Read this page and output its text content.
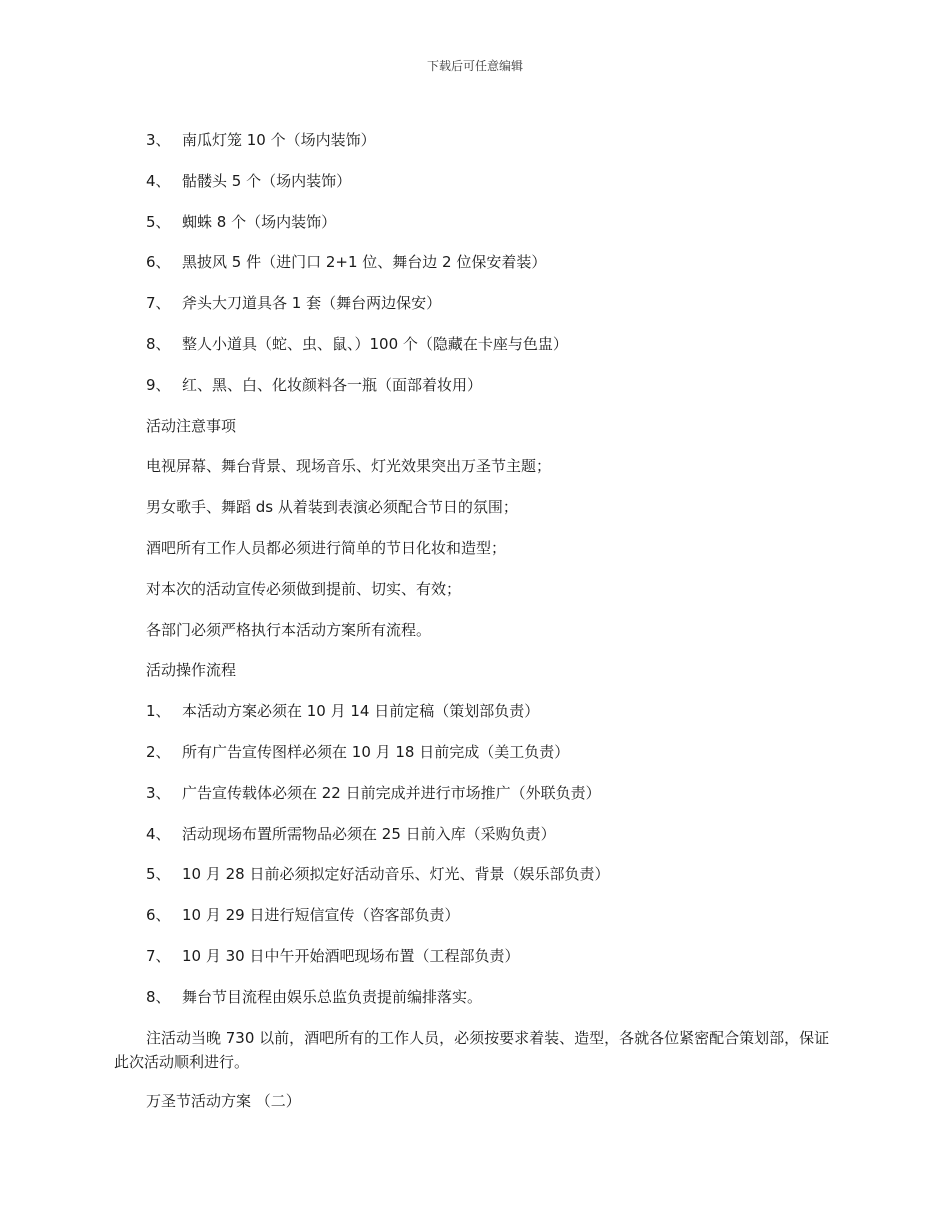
下载后可任意编辑
3、 南瓜灯笼 10 个（场内装饰）
4、 骷髅头 5 个（场内装饰）
5、 蜘蛛 8 个（场内装饰）
6、 黑披风 5 件（进门口 2+1 位、舞台边 2 位保安着装）
7、 斧头大刀道具各 1 套（舞台两边保安）
8、 整人小道具（蛇、虫、鼠、）100 个（隐藏在卡座与色盅）
9、 红、黑、白、化妆颜料各一瓶（面部着妆用）
活动注意事项
电视屏幕、舞台背景、现场音乐、灯光效果突出万圣节主题；
男女歌手、舞蹈 ds 从着装到表演必须配合节日的氛围；
酒吧所有工作人员都必须进行简单的节日化妆和造型；
对本次的活动宣传必须做到提前、切实、有效；
各部门必须严格执行本活动方案所有流程。
活动操作流程
1、 本活动方案必须在 10 月 14 日前定稿（策划部负责）
2、 所有广告宣传图样必须在 10 月 18 日前完成（美工负责）
3、 广告宣传载体必须在 22 日前完成并进行市场推广（外联负责）
4、 活动现场布置所需物品必须在 25 日前入库（采购负责）
5、 10 月 28 日前必须拟定好活动音乐、灯光、背景（娱乐部负责）
6、 10 月 29 日进行短信宣传（咨客部负责）
7、 10 月 30 日中午开始酒吧现场布置（工程部负责）
8、 舞台节目流程由娱乐总监负责提前编排落实。
注活动当晚 730 以前，酒吧所有的工作人员，必须按要求着装、造型，各就各位紧密配合策划部，保证此次活动顺利进行。
万圣节活动方案 （二）
